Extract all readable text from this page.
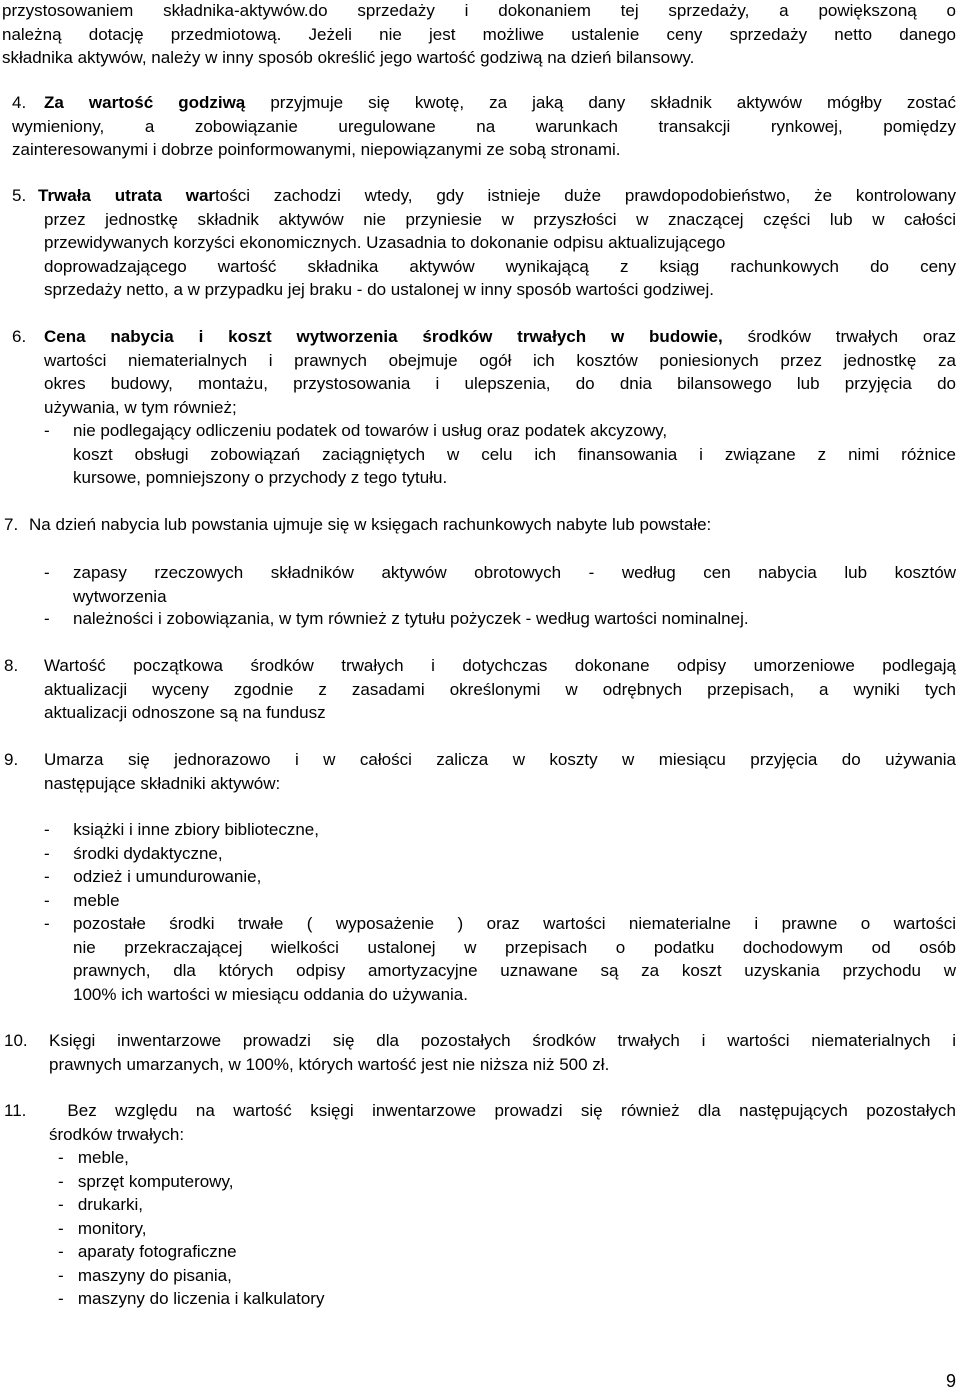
przystosowaniem składnika-aktywów.do sprzedaży i dokonaniem tej sprzedaży, a powiększoną o
należną dotację przedmiotową. Jeżeli nie jest możliwe ustalenie ceny sprzedaży netto danego
składnika aktywów, należy w inny sposób określić jego wartość godziwą na dzień bilansowy.
4. Za wartość godziwą przyjmuje się kwotę, za jaką dany składnik aktywów mógłby zostać
wymieniony, a zobowiązanie uregulowane na warunkach transakcji rynkowej, pomiędzy
zainteresowanymi i dobrze poinformowanymi, niepowiązanymi ze sobą stronami.
5. Trwała utrata wartości zachodzi wtedy, gdy istnieje duże prawdopodobieństwo, że kontrolowany
przez jednostkę składnik aktywów nie przyniesie w przyszłości w znaczącej części lub w całości
przewidywanych korzyści ekonomicznych. Uzasadnia to dokonanie odpisu aktualizującego
doprowadzającego wartość składnika aktywów wynikającą z ksiąg rachunkowych do ceny
sprzedaży netto, a w przypadku jej braku - do ustalonej w inny sposób wartości godziwej.
6. Cena nabycia i koszt wytworzenia środków trwałych w budowie, środków trwałych oraz
wartości niematerialnych i prawnych obejmuje ogół ich kosztów poniesionych przez jednostkę za
okres budowy, montażu, przystosowania i ulepszenia, do dnia bilansowego lub przyjęcia do
używania, w tym również;
- nie podlegający odliczeniu podatek od towarów i usług oraz podatek akcyzowy,
koszt obsługi zobowiązań zaciągniętych w celu ich finansowania i związane z nimi różnice
kursowe, pomniejszony o przychody z tego tytułu.
7. Na dzień nabycia lub powstania ujmuje się w księgach rachunkowych nabyte lub powstałe:
- zapasy rzeczowych składników aktywów obrotowych - według cen nabycia lub kosztów
wytworzenia
- należności i zobowiązania, w tym również z tytułu pożyczek - według wartości nominalnej.
8. Wartość początkowa środków trwałych i dotychczas dokonane odpisy umorzeniowe podlegają
aktualizacji wyceny zgodnie z zasadami określonymi w odrębnych przepisach, a wyniki tych
aktualizacji odnoszone są na fundusz
9. Umarza się jednorazowo i w całości zalicza w koszty w miesiącu przyjęcia do używania
następujące składniki aktywów:
-     książki i inne zbiory biblioteczne,
-     środki dydaktyczne,
-     odzież i umundurowanie,
-     meble
- pozostałe środki trwałe ( wyposażenie ) oraz wartości niematerialne i prawne o wartości
nie przekraczającej wielkości ustalonej w przepisach o podatku dochodowym od osób
prawnych, dla których odpisy amortyzacyjne uznawane są za koszt uzyskania przychodu w
100% ich wartości w miesiącu oddania do używania.
10. Księgi inwentarzowe prowadzi się dla pozostałych środków trwałych i wartości niematerialnych i
prawnych umarzanych, w 100%, których wartość jest nie niższa niż 500 zł.
11.	Bez względu na wartość księgi inwentarzowe prowadzi się również dla następujących pozostałych
środków trwałych:
-   meble,
-   sprzęt komputerowy,
-   drukarki,
-   monitory,
-   aparaty fotograficzne
-   maszyny do pisania,
-   maszyny do liczenia i kalkulatory
9
